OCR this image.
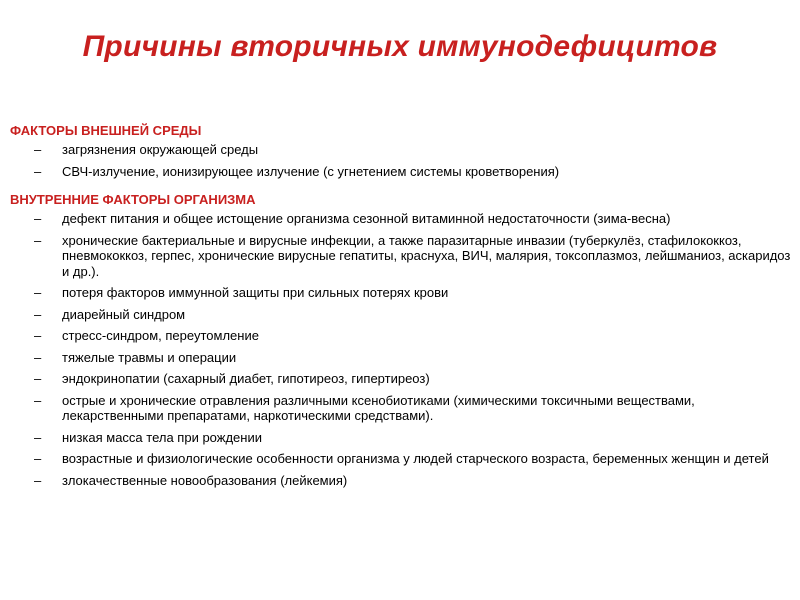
Причины вторичных иммунодефицитов

ФАКТОРЫ ВНЕШНЕЙ СРЕДЫ

–	загрязнения окружающей среды
–	СВЧ-излучение, ионизирующее излучение (с угнетением системы кроветворения)

ВНУТРЕННИЕ ФАКТОРЫ ОРГАНИЗМА

–	дефект питания и общее истощение организма сезонной витаминной недостаточности (зима-весна)
–	хронические бактериальные и вирусные инфекции, а также паразитарные инвазии (туберкулёз, стафилококкоз, пневмококкоз, герпес, хронические вирусные гепатиты, краснуха, ВИЧ, малярия, токсоплазмоз, лейшманиоз, аскаридоз и др.).
–	потеря факторов иммунной защиты при сильных потерях крови
–	диарейный синдром
–	стресс-синдром, переутомление
–	тяжелые травмы и операции
–	эндокринопатии (сахарный диабет, гипотиреоз, гипертиреоз)
–	острые и хронические отравления различными ксенобиотиками (химическими токсичными веществами, лекарственными препаратами, наркотическими средствами).
–	низкая масса тела при рождении
–	возрастные и физиологические особенности организма у людей старческого возраста, беременных женщин и детей
–	злокачественные новообразования (лейкемия)
